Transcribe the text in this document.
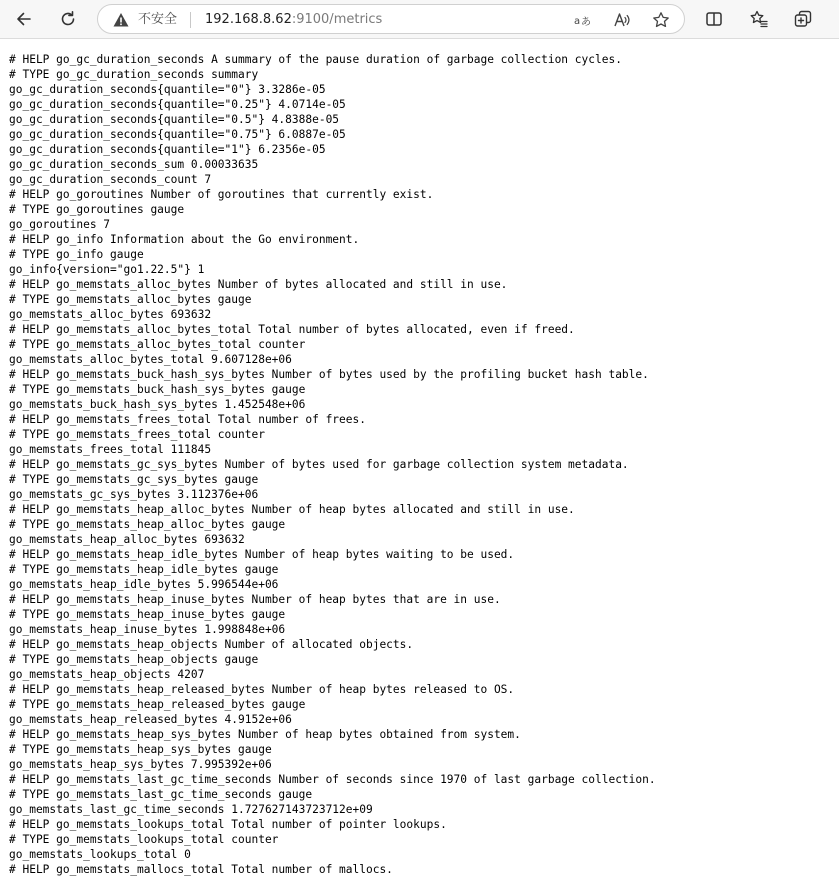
不安全 192.168.8.62:9100/metrics	a あ
# HELP go_gc_duration_seconds A summary of the pause duration of garbage collection cycles.
# TYPE go_gc_duration_seconds summary
go_gc_duration_seconds{quantile="0"} 3.3286e-05
go_gc_duration_seconds{quantile="0.25"} 4.0714e-05
go_gc_duration_seconds{quantile="0.5"} 4.8388e-05
go_gc_duration_seconds{quantile="0.75"} 6.0887e-05
go_gc_duration_seconds{quantile="1"} 6.2356e-05
go_gc_duration_seconds_sum 0.00033635
go_gc_duration_seconds_count 7
# HELP go_goroutines Number of goroutines that currently exist.
# TYPE go_goroutines gauge
go_goroutines 7
# HELP go_info Information about the Go environment.
# TYPE go_info gauge
go_info{version="go1.22.5"} 1
# HELP go_memstats_alloc_bytes Number of bytes allocated and still in use.
# TYPE go_memstats_alloc_bytes gauge
go_memstats_alloc_bytes 693632
# HELP go_memstats_alloc_bytes_total Total number of bytes allocated, even if freed.
# TYPE go_memstats_alloc_bytes_total counter
go_memstats_alloc_bytes_total 9.607128e+06
# HELP go_memstats_buck_hash_sys_bytes Number of bytes used by the profiling bucket hash table.
# TYPE go_memstats_buck_hash_sys_bytes gauge
go_memstats_buck_hash_sys_bytes 1.452548e+06
# HELP go_memstats_frees_total Total number of frees.
# TYPE go_memstats_frees_total counter
go_memstats_frees_total 111845
# HELP go_memstats_gc_sys_bytes Number of bytes used for garbage collection system metadata.
# TYPE go_memstats_gc_sys_bytes gauge
go_memstats_gc_sys_bytes 3.112376e+06
# HELP go_memstats_heap_alloc_bytes Number of heap bytes allocated and still in use.
# TYPE go_memstats_heap_alloc_bytes gauge
go_memstats_heap_alloc_bytes 693632
# HELP go_memstats_heap_idle_bytes Number of heap bytes waiting to be used.
# TYPE go_memstats_heap_idle_bytes gauge
go_memstats_heap_idle_bytes 5.996544e+06
# HELP go_memstats_heap_inuse_bytes Number of heap bytes that are in use.
# TYPE go_memstats_heap_inuse_bytes gauge
go_memstats_heap_inuse_bytes 1.998848e+06
# HELP go_memstats_heap_objects Number of allocated objects.
# TYPE go_memstats_heap_objects gauge
go_memstats_heap_objects 4207
# HELP go_memstats_heap_released_bytes Number of heap bytes released to OS.
# TYPE go_memstats_heap_released_bytes gauge
go_memstats_heap_released_bytes 4.9152e+06
# HELP go_memstats_heap_sys_bytes Number of heap bytes obtained from system.
# TYPE go_memstats_heap_sys_bytes gauge
go_memstats_heap_sys_bytes 7.995392e+06
# HELP go_memstats_last_gc_time_seconds Number of seconds since 1970 of last garbage collection.
# TYPE go_memstats_last_gc_time_seconds gauge
go_memstats_last_gc_time_seconds 1.727627143723712e+09
# HELP go_memstats_lookups_total Total number of pointer lookups.
# TYPE go_memstats_lookups_total counter
go_memstats_lookups_total 0
# HELP go_memstats_mallocs_total Total number of mallocs.
